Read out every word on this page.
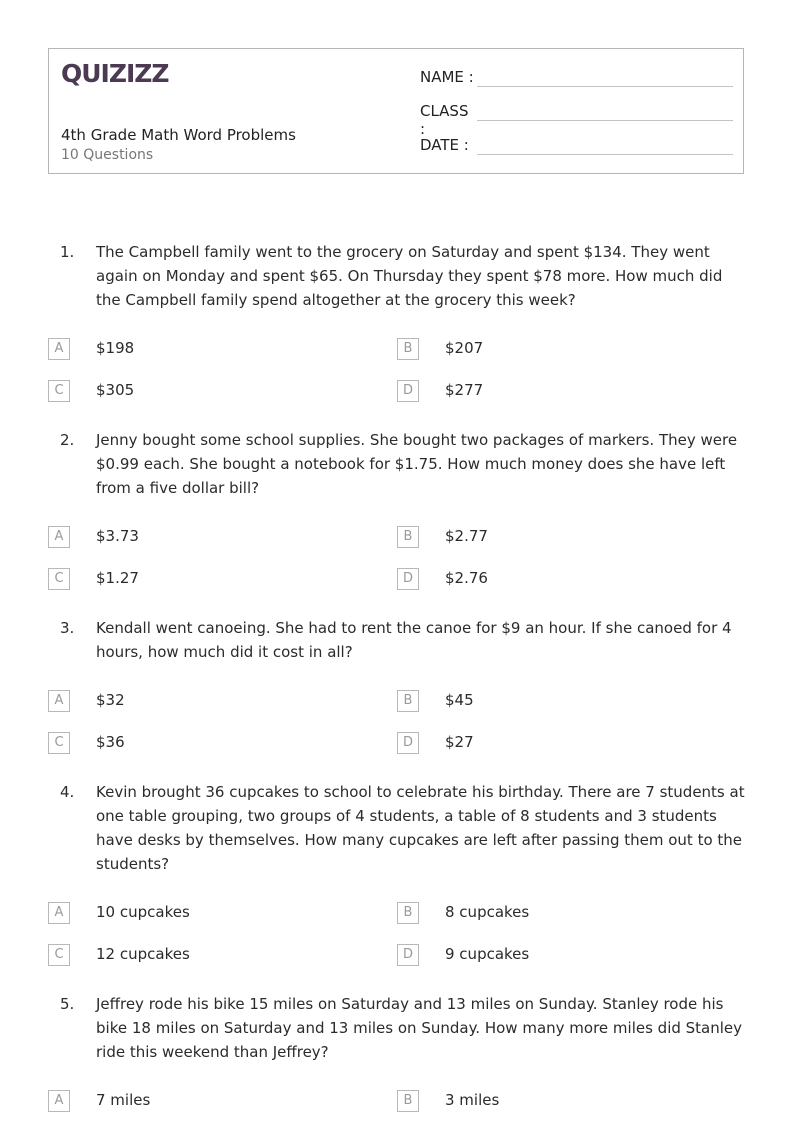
QUIZIZZ
4th Grade Math Word Problems
10 Questions
NAME :
CLASS :
DATE :
1.	The Campbell family went to the grocery on Saturday and spent $134. They went again on Monday and spent $65. On Thursday they spent $78 more. How much did the Campbell family spend altogether at the grocery this week?
A	$198	B	$207
C	$305	D	$277
2.	Jenny bought some school supplies. She bought two packages of markers. They were $0.99 each. She bought a notebook for $1.75. How much money does she have left from a five dollar bill?
A	$3.73	B	$2.77
C	$1.27	D	$2.76
3.	Kendall went canoeing. She had to rent the canoe for $9 an hour. If she canoed for 4 hours, how much did it cost in all?
A	$32	B	$45
C	$36	D	$27
4.	Kevin brought 36 cupcakes to school to celebrate his birthday. There are 7 students at one table grouping, two groups of 4 students, a table of 8 students and 3 students have desks by themselves. How many cupcakes are left after passing them out to the students?
A	10 cupcakes	B	8 cupcakes
C	12 cupcakes	D	9 cupcakes
5.	Jeffrey rode his bike 15 miles on Saturday and 13 miles on Sunday. Stanley rode his bike 18 miles on Saturday and 13 miles on Sunday. How many more miles did Stanley ride this weekend than Jeffrey?
A	7 miles	B	3 miles
